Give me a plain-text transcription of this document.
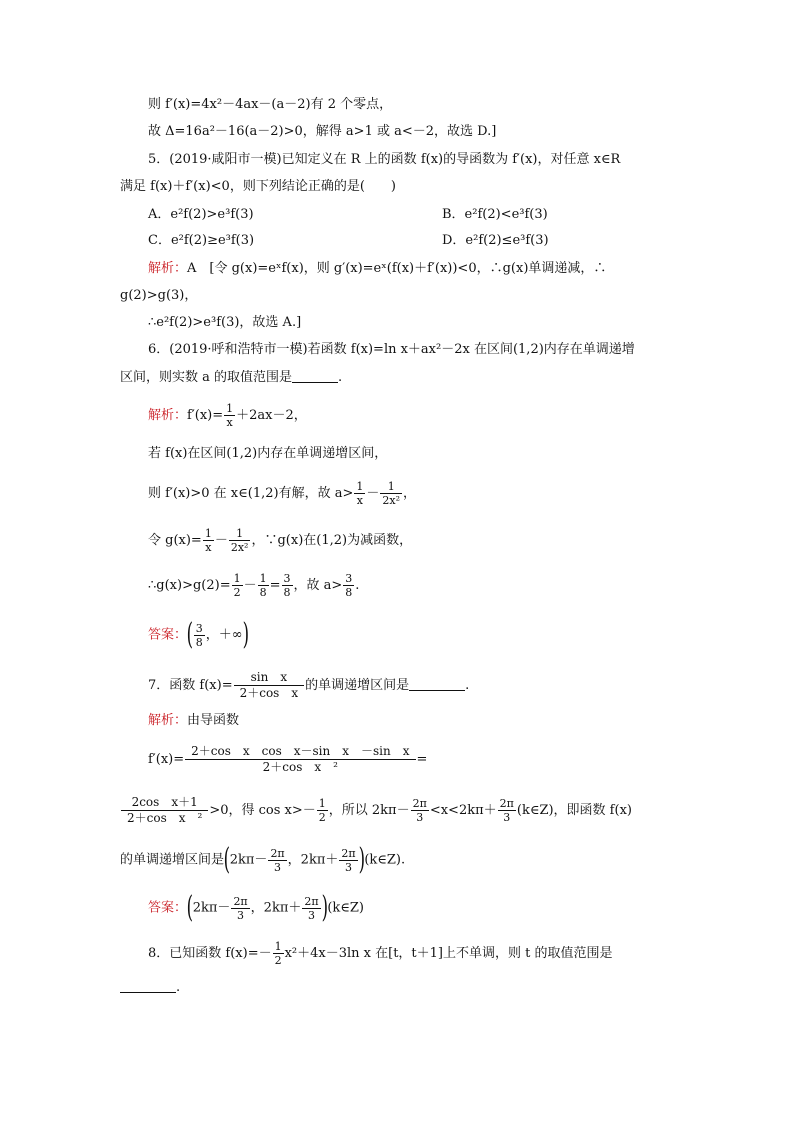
则 f′(x)=4x²－4ax－(a－2)有 2 个零点，
故 Δ=16a²－16(a－2)>0，解得 a>1 或 a<－2，故选 D.]
5．(2019·咸阳市一模)已知定义在 R 上的函数 f(x)的导函数为 f′(x)，对任意 x∈R
满足 f(x)＋f′(x)<0，则下列结论正确的是(　　)
A．e²f(2)>e³f(3)	B．e²f(2)<e³f(3)
C．e²f(2)≥e³f(3)	D．e²f(2)≤e³f(3)
解析：A　[令 g(x)=eˣf(x)，则 g′(x)=eˣ(f(x)＋f′(x))<0，∴g(x)单调递减，∴
g(2)>g(3)，
∴e²f(2)>e³f(3)，故选 A.]
6．(2019·呼和浩特市一模)若函数 f(x)=ln x＋ax²－2x 在区间(1,2)内存在单调递增
区间，则实数 a 的取值范围是	.
解析：$f'(x)= \frac{1}{x} +2ax-2$，
若 f(x)在区间(1,2)内存在单调递增区间，
则 f′(x)>0 在 x∈(1,2)有解，故 $a> \frac{1}{x} - \frac{1}{\text{2x²}}$ ，
令 $g(x)= \frac{1}{x} - \frac{1}{\text{2x²}}$ ，∵g(x)在(1,2)为减函数，
∴g(x)>g(2)= $\frac{1}{2} - \frac{1}{8} = \frac{3}{8}$ ，故 $a> \frac{3}{8}$ .
答案：( $\frac{3}{8}$ ，＋∞)
7．函数 $f(x)= \frac{\text{sin　x}}{\text{2＋cos　x}}$ 的单调递增区间是	.
解析：由导函数
$f'(x)= \frac{\text{2＋cos　x　cos　x－sin　x　－sin　x}}{\text{2＋cos　x　²}}$ =
$\frac{\text{2cos　x＋1}}{\text{2＋cos　x　²}} >0$，得 $\cos x>- \frac{1}{2}$ ，所以 $2k\pi- \frac{2\pi}{3} <x<2k\pi+ \frac{2\pi}{3}$ (k∈Z)，即函数 f(x)
的单调递增区间是($2k\pi- \frac{2\pi}{3}$ ，$2k\pi+ \frac{2\pi}{3}$ )(k∈Z).
答案：($2k\pi- \frac{2\pi}{3}$ ，$2k\pi+ \frac{2\pi}{3}$ )(k∈Z)
8．已知函数 $f(x)=- \frac{1}{2} x^2+4x-3\ln$ x 在[t，t＋1]上不单调，则 t 的取值范围是
.
